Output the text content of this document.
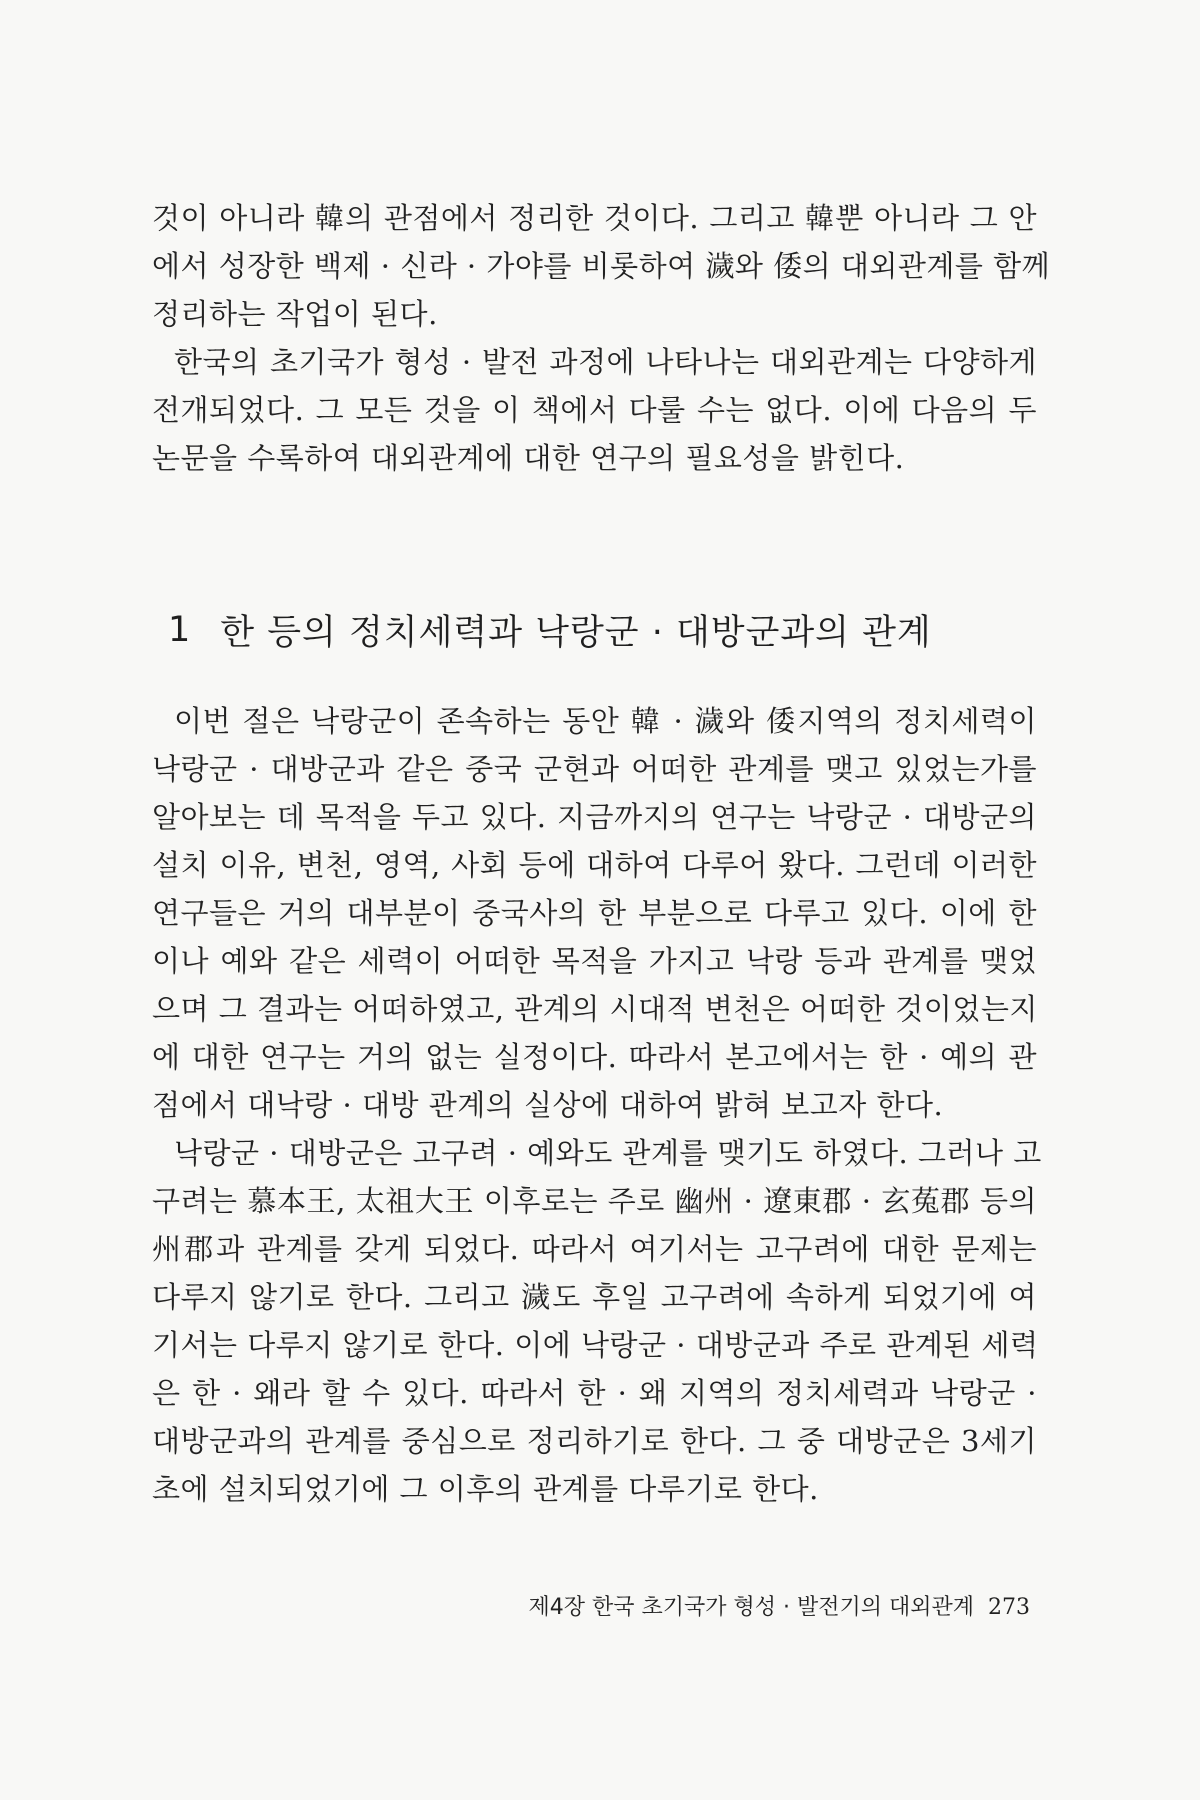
것이 아니라 韓의 관점에서 정리한 것이다. 그리고 韓뿐 아니라 그 안
에서 성장한 백제 · 신라 · 가야를 비롯하여 濊와 倭의 대외관계를 함께
정리하는 작업이 된다.
한국의 초기국가 형성 · 발전 과정에 나타나는 대외관계는 다양하게
전개되었다. 그 모든 것을 이 책에서 다룰 수는 없다. 이에 다음의 두
논문을 수록하여 대외관계에 대한 연구의 필요성을 밝힌다.
1 한 등의 정치세력과 낙랑군 · 대방군과의 관계
이번 절은 낙랑군이 존속하는 동안 韓 · 濊와 倭지역의 정치세력이
낙랑군 · 대방군과 같은 중국 군현과 어떠한 관계를 맺고 있었는가를
알아보는 데 목적을 두고 있다. 지금까지의 연구는 낙랑군 · 대방군의
설치 이유, 변천, 영역, 사회 등에 대하여 다루어 왔다. 그런데 이러한
연구들은 거의 대부분이 중국사의 한 부분으로 다루고 있다. 이에 한
이나 예와 같은 세력이 어떠한 목적을 가지고 낙랑 등과 관계를 맺었
으며 그 결과는 어떠하였고, 관계의 시대적 변천은 어떠한 것이었는지
에 대한 연구는 거의 없는 실정이다. 따라서 본고에서는 한 · 예의 관
점에서 대낙랑 · 대방 관계의 실상에 대하여 밝혀 보고자 한다.
낙랑군 · 대방군은 고구려 · 예와도 관계를 맺기도 하였다. 그러나 고
구려는 慕本王, 太祖大王 이후로는 주로 幽州 · 遼東郡 · 玄菟郡 등의
州郡과 관계를 갖게 되었다. 따라서 여기서는 고구려에 대한 문제는
다루지 않기로 한다. 그리고 濊도 후일 고구려에 속하게 되었기에 여
기서는 다루지 않기로 한다. 이에 낙랑군 · 대방군과 주로 관계된 세력
은 한 · 왜라 할 수 있다. 따라서 한 · 왜 지역의 정치세력과 낙랑군 ·
대방군과의 관계를 중심으로 정리하기로 한다. 그 중 대방군은 3세기
초에 설치되었기에 그 이후의 관계를 다루기로 한다.
제4장 한국 초기국가 형성 · 발전기의 대외관계 273
